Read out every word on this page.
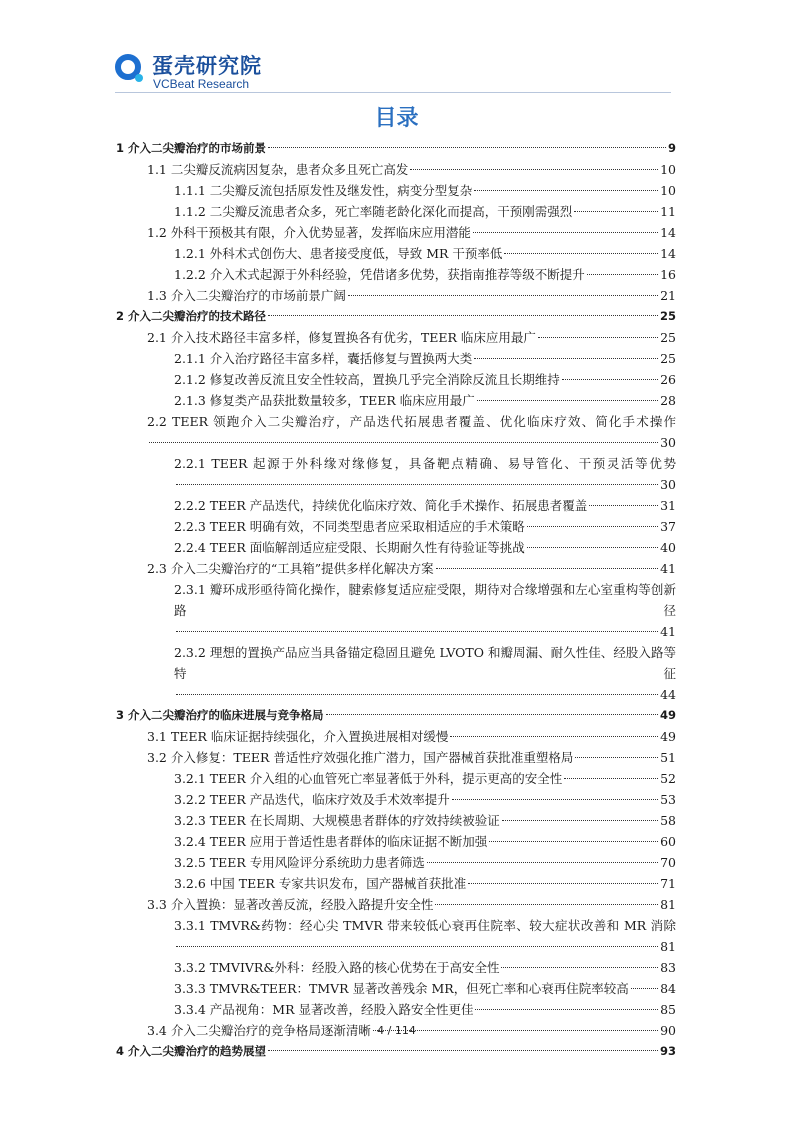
蛋壳研究院
VCBeat Research
目录
1 介入二尖瓣治疗的市场前景	9
1.1 二尖瓣反流病因复杂，患者众多且死亡高发	10
1.1.1 二尖瓣反流包括原发性及继发性，病变分型复杂	10
1.1.2 二尖瓣反流患者众多，死亡率随老龄化深化而提高，干预刚需强烈	11
1.2 外科干预极其有限，介入优势显著，发挥临床应用潜能	14
1.2.1 外科术式创伤大、患者接受度低，导致 MR 干预率低	14
1.2.2 介入术式起源于外科经验，凭借诸多优势，获指南推荐等级不断提升	16
1.3 介入二尖瓣治疗的市场前景广阔	21
2 介入二尖瓣治疗的技术路径	25
2.1 介入技术路径丰富多样，修复置换各有优劣，TEER 临床应用最广	25
2.1.1 介入治疗路径丰富多样，囊括修复与置换两大类	25
2.1.2 修复改善反流且安全性较高，置换几乎完全消除反流且长期维持	26
2.1.3 修复类产品获批数量较多，TEER 临床应用最广	28
2.2 TEER 领跑介入二尖瓣治疗，产品迭代拓展患者覆盖、优化临床疗效、简化手术操作
30
2.2.1 TEER 起源于外科缘对缘修复，具备靶点精确、易导管化、干预灵活等优势
30
2.2.2 TEER 产品迭代，持续优化临床疗效、简化手术操作、拓展患者覆盖	31
2.2.3 TEER 明确有效，不同类型患者应采取相适应的手术策略	37
2.2.4 TEER 面临解剖适应症受限、长期耐久性有待验证等挑战	40
2.3 介入二尖瓣治疗的“工具箱”提供多样化解决方案	41
2.3.1 瓣环成形亟待简化操作，腱索修复适应症受限，期待对合缘增强和左心室重构等创新路径
41
2.3.2 理想的置换产品应当具备锚定稳固且避免 LVOTO 和瓣周漏、耐久性佳、经股入路等特征
44
3 介入二尖瓣治疗的临床进展与竞争格局	49
3.1 TEER 临床证据持续强化，介入置换进展相对缓慢	49
3.2 介入修复：TEER 普适性疗效强化推广潜力，国产器械首获批准重塑格局	51
3.2.1 TEER 介入组的心血管死亡率显著低于外科，提示更高的安全性	52
3.2.2 TEER 产品迭代，临床疗效及手术效率提升	53
3.2.3 TEER 在长周期、大规模患者群体的疗效持续被验证	58
3.2.4 TEER 应用于普适性患者群体的临床证据不断加强	60
3.2.5 TEER 专用风险评分系统助力患者筛选	70
3.2.6 中国 TEER 专家共识发布，国产器械首获批准	71
3.3 介入置换：显著改善反流，经股入路提升安全性	81
3.3.1 TMVR&药物：经心尖 TMVR 带来较低心衰再住院率、较大症状改善和 MR 消除
81
3.3.2 TMVIVR&外科：经股入路的核心优势在于高安全性	83
3.3.3 TMVR&TEER：TMVR 显著改善残余 MR，但死亡率和心衰再住院率较高	84
3.3.4 产品视角：MR 显著改善，经股入路安全性更佳	85
3.4 介入二尖瓣治疗的竞争格局逐渐清晰	90
4 介入二尖瓣治疗的趋势展望	93
4 / 114
